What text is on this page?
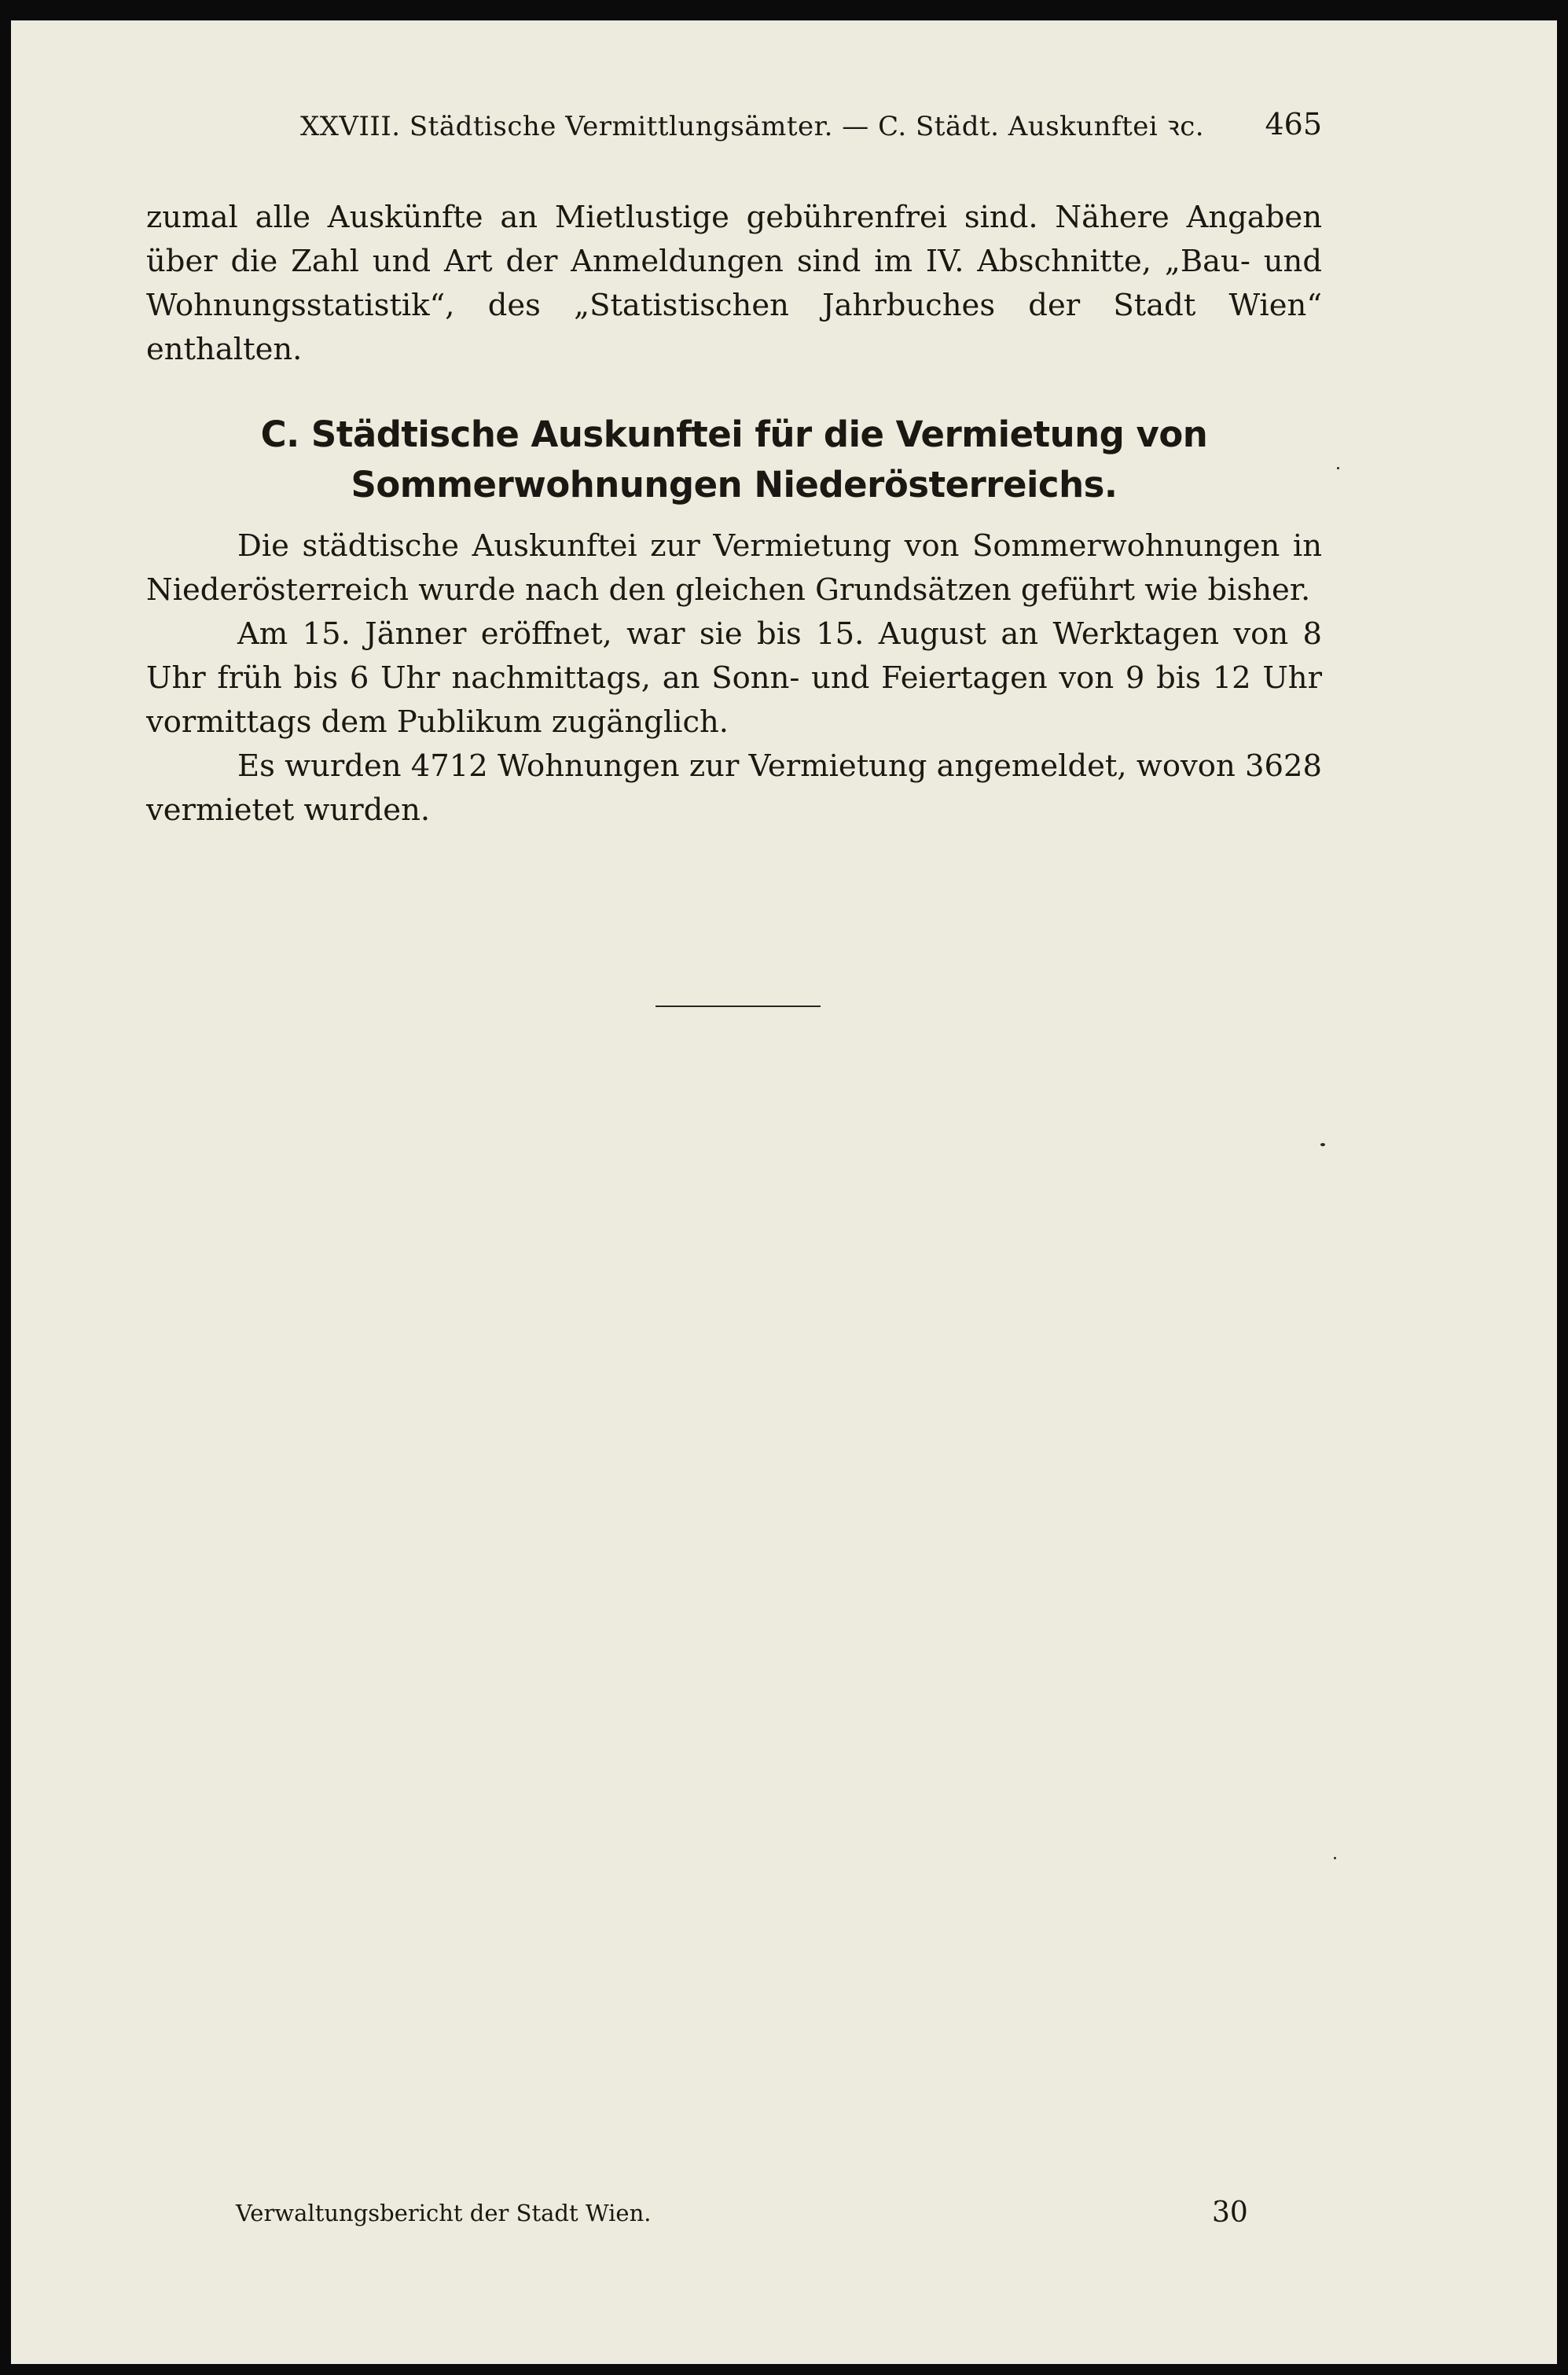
XXVIII. Städtische Vermittlungsämter. — C. Städt. Auskunftei ꝛc. 465

zumal alle Auskünfte an Mietlustige gebührenfrei sind. Nähere Angaben über die Zahl und Art der Anmeldungen sind im IV. Abschnitte, „Bau- und Wohnungsstatistik“, des „Statistischen Jahrbuches der Stadt Wien“ enthalten.

C. Städtische Auskunftei für die Vermietung von Sommerwohnungen Niederösterreichs.

Die städtische Auskunftei zur Vermietung von Sommerwohnungen in Niederösterreich wurde nach den gleichen Grundsätzen geführt wie bisher.

Am 15. Jänner eröffnet, war sie bis 15. August an Werktagen von 8 Uhr früh bis 6 Uhr nachmittags, an Sonn- und Feiertagen von 9 bis 12 Uhr vormittags dem Publikum zugänglich.

Es wurden 4712 Wohnungen zur Vermietung angemeldet, wovon 3628 vermietet wurden.

Verwaltungsbericht der Stadt Wien.	30
